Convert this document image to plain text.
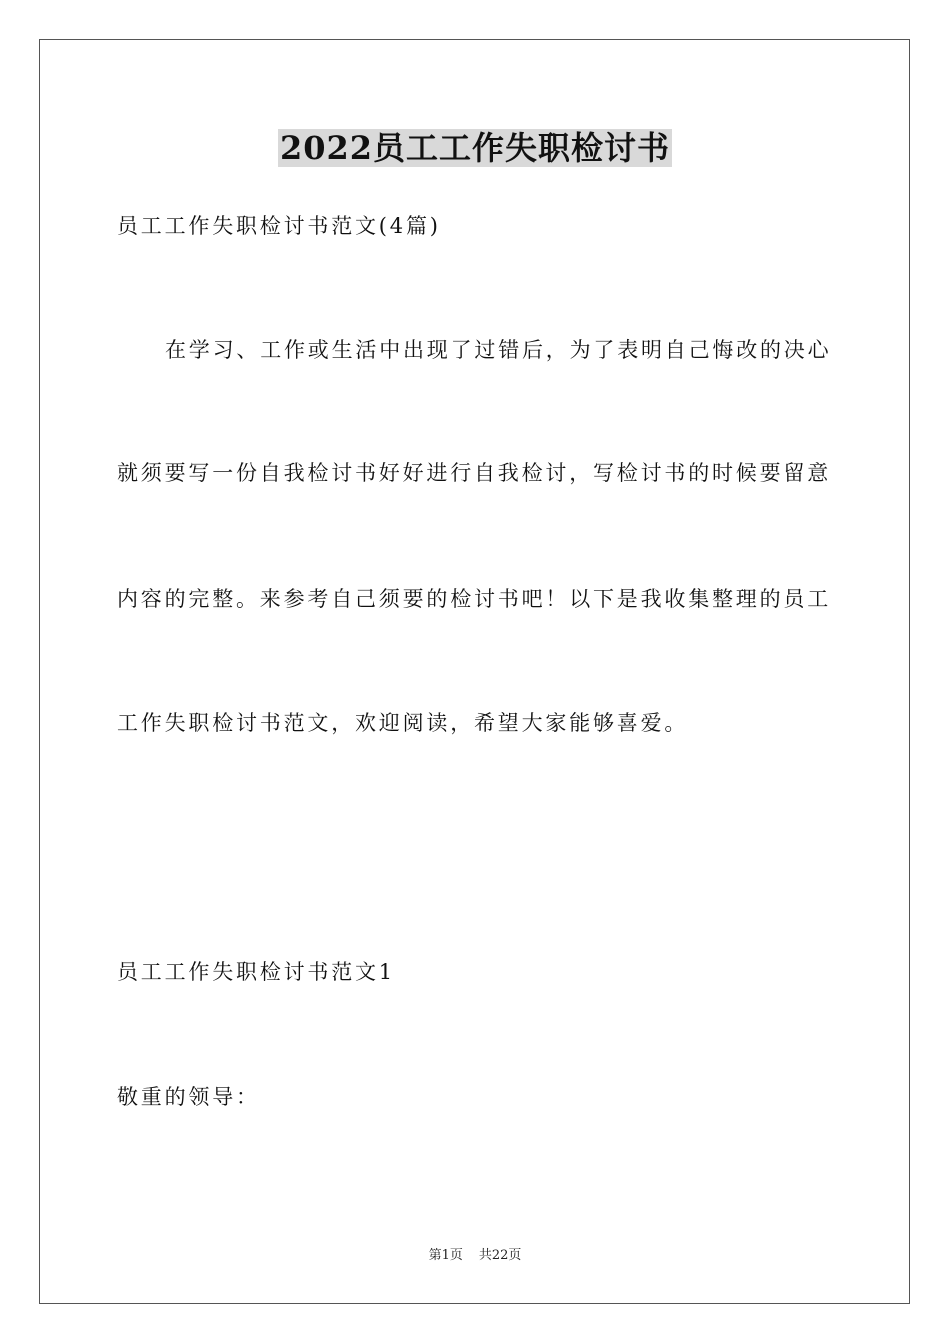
2022员工工作失职检讨书
员工工作失职检讨书范文(4篇)
在学习、工作或生活中出现了过错后，为了表明自己悔改的决心
就须要写一份自我检讨书好好进行自我检讨，写检讨书的时候要留意
内容的完整。来参考自己须要的检讨书吧！以下是我收集整理的员工
工作失职检讨书范文，欢迎阅读，希望大家能够喜爱。
员工工作失职检讨书范文1
敬重的领导：
第1页 共22页
